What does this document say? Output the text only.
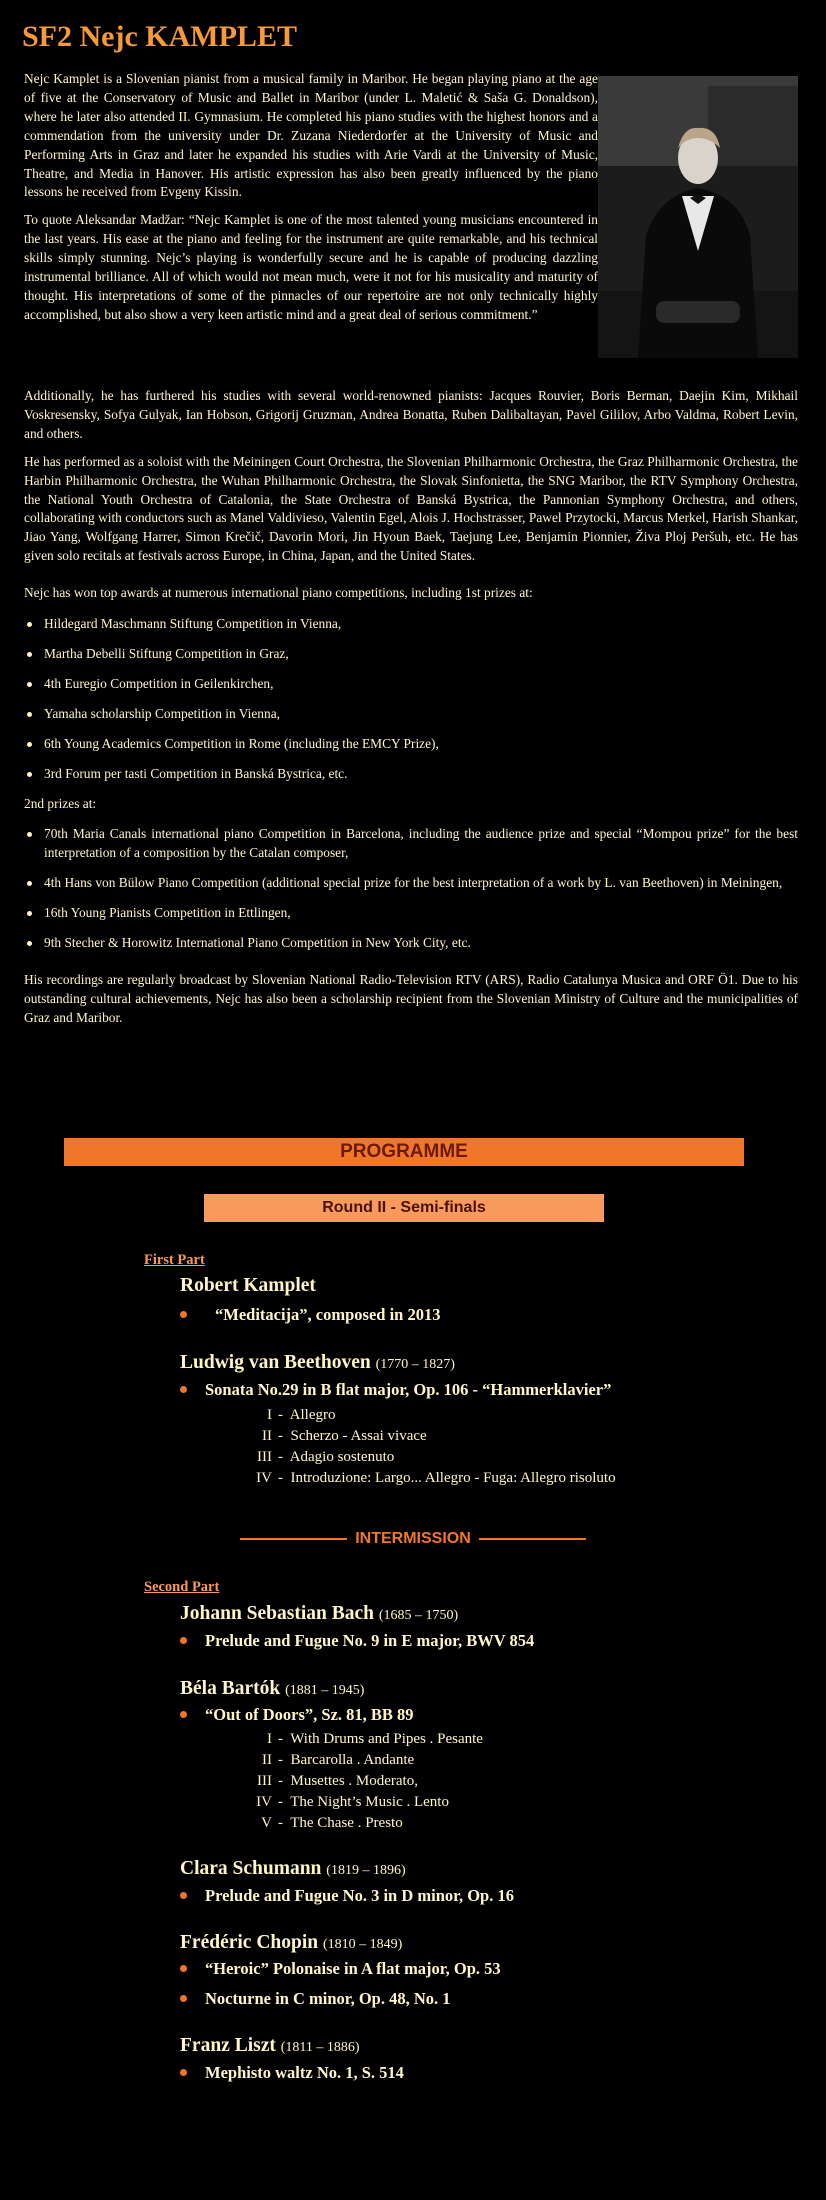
SF2 Nejc KAMPLET

Nejc Kamplet is a Slovenian pianist from a musical family in Maribor. He began playing piano at the age of five at the Conservatory of Music and Ballet in Maribor (under L. Maletić & Saša G. Donaldson), where he later also attended II. Gymnasium. He completed his piano studies with the highest honors and a commendation from the university under Dr. Zuzana Niederdorfer at the University of Music and Performing Arts in Graz and later he expanded his studies with Arie Vardi at the University of Music, Theatre, and Media in Hanover. His artistic expression has also been greatly influenced by the piano lessons he received from Evgeny Kissin.

To quote Aleksandar Madžar: “Nejc Kamplet is one of the most talented young musicians encountered in the last years. His ease at the piano and feeling for the instrument are quite remarkable, and his technical skills simply stunning. Nejc’s playing is wonderfully secure and he is capable of producing dazzling instrumental brilliance. All of which would not mean much, were it not for his musicality and maturity of thought. His interpretations of some of the pinnacles of our repertoire are not only technically highly accomplished, but also show a very keen artistic mind and a great deal of serious commitment.”

Additionally, he has furthered his studies with several world-renowned pianists: Jacques Rouvier, Boris Berman, Daejin Kim, Mikhail Voskresensky, Sofya Gulyak, Ian Hobson, Grigorij Gruzman, Andrea Bonatta, Ruben Dalibaltayan, Pavel Gililov, Arbo Valdma, Robert Levin, and others.

He has performed as a soloist with the Meiningen Court Orchestra, the Slovenian Philharmonic Orchestra, the Graz Philharmonic Orchestra, the Harbin Philharmonic Orchestra, the Wuhan Philharmonic Orchestra, the Slovak Sinfonietta, the SNG Maribor, the RTV Symphony Orchestra, the National Youth Orchestra of Catalonia, the State Orchestra of Banská Bystrica, the Pannonian Symphony Orchestra, and others, collaborating with conductors such as Manel Valdivieso, Valentin Egel, Alois J. Hochstrasser, Pawel Przytocki, Marcus Merkel, Harish Shankar, Jiao Yang, Wolfgang Harrer, Simon Krečič, Davorin Mori, Jin Hyoun Baek, Taejung Lee, Benjamin Pionnier, Živa Ploj Peršuh, etc. He has given solo recitals at festivals across Europe, in China, Japan, and the United States.

Nejc has won top awards at numerous international piano competitions, including 1st prizes at:

Hildegard Maschmann Stiftung Competition in Vienna,
Martha Debelli Stiftung Competition in Graz,
4th Euregio Competition in Geilenkirchen,
Yamaha scholarship Competition in Vienna,
6th Young Academics Competition in Rome (including the EMCY Prize),
3rd Forum per tasti Competition in Banská Bystrica, etc.

2nd prizes at:

70th Maria Canals international piano Competition in Barcelona, including the audience prize and special “Mompou prize” for the best interpretation of a composition by the Catalan composer,
4th Hans von Bülow Piano Competition (additional special prize for the best interpretation of a work by L. van Beethoven) in Meiningen,
16th Young Pianists Competition in Ettlingen,
9th Stecher & Horowitz International Piano Competition in New York City, etc.

His recordings are regularly broadcast by Slovenian National Radio-Television RTV (ARS), Radio Catalunya Musica and ORF Ö1. Due to his outstanding cultural achievements, Nejc has also been a scholarship recipient from the Slovenian Ministry of Culture and the municipalities of Graz and Maribor.

PROGRAMME
Round II - Semi-finals
First Part
Robert Kamplet
“Meditacija”, composed in 2013
Ludwig van Beethoven (1770 – 1827)
Sonata No.29 in B flat major, Op. 106 - “Hammerklavier”
I -  Allegro
II -  Scherzo - Assai vivace
III -  Adagio sostenuto
IV -  Introduzione: Largo... Allegro - Fuga: Allegro risoluto
INTERMISSION
Second Part
Johann Sebastian Bach (1685 – 1750)
Prelude and Fugue No. 9 in E major, BWV 854
Béla Bartók (1881 – 1945)
“Out of Doors”, Sz. 81, BB 89
I -  With Drums and Pipes . Pesante
II -  Barcarolla . Andante
III -  Musettes . Moderato,
IV -  The Night’s Music . Lento
V -  The Chase . Presto
Clara Schumann (1819 – 1896)
Prelude and Fugue No. 3 in D minor, Op. 16
Frédéric Chopin (1810 – 1849)
“Heroic” Polonaise in A flat major, Op. 53
Nocturne in C minor, Op. 48, No. 1
Franz Liszt (1811 – 1886)
Mephisto waltz No. 1, S. 514
